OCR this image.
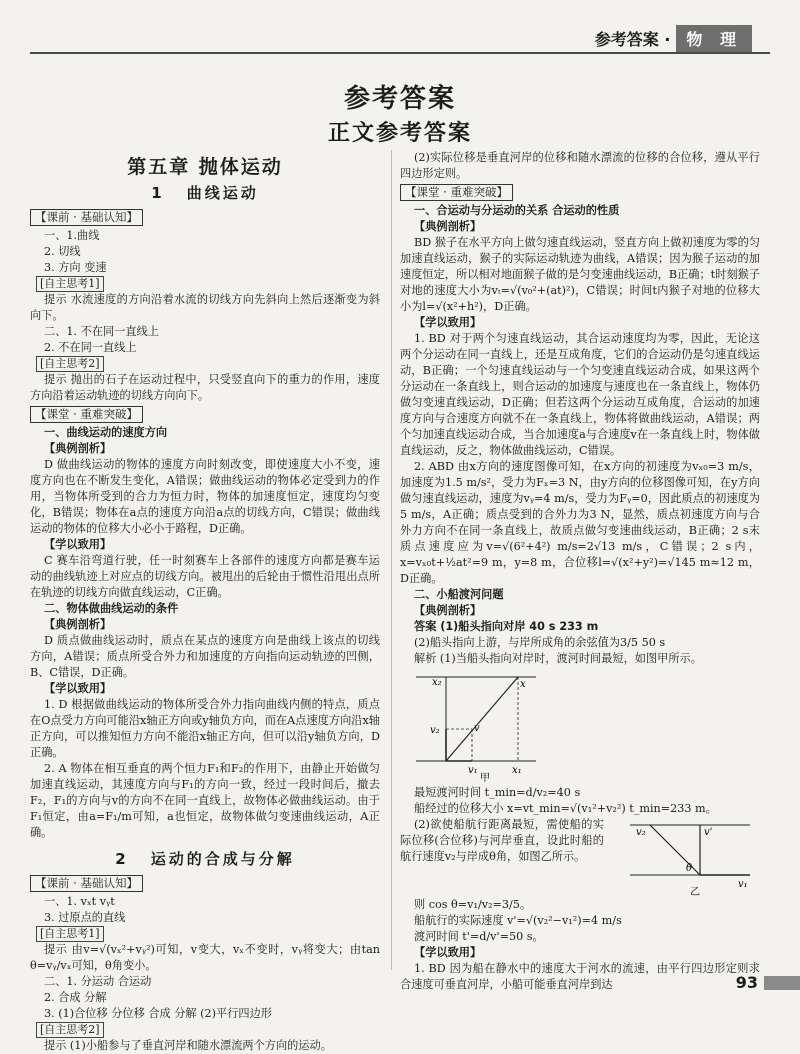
参考答案 ·	物 理
参考答案
正文参考答案
第五章 抛体运动
1 曲线运动
【课前 · 基础认知】
一、1.曲线
2. 切线
3. 方向 变速
[自主思考1]
提示 水流速度的方向沿着水流的切线方向先斜向上然后逐渐变为斜向下。
二、1. 不在同一直线上
2. 不在同一直线上
[自主思考2]
提示 抛出的石子在运动过程中，只受竖直向下的重力的作用，速度方向沿着运动轨迹的切线方向向下。
【课堂 · 重难突破】
一、曲线运动的速度方向
【典例剖析】
D 做曲线运动的物体的速度方向时刻改变，即使速度大小不变，速度方向也在不断发生变化，A错误；做曲线运动的物体必定受到力的作用，当物体所受到的合力为恒力时，物体的加速度恒定，速度均匀变化，B错误；物体在a点的速度方向沿a点的切线方向，C错误；做曲线运动的物体的位移大小必小于路程，D正确。
【学以致用】
C 赛车沿弯道行驶，任一时刻赛车上各部件的速度方向都是赛车运动的曲线轨迹上对应点的切线方向。被甩出的后轮由于惯性沿甩出点所在轨迹的切线方向做直线运动，C正确。
二、物体做曲线运动的条件
【典例剖析】
D 质点做曲线运动时，质点在某点的速度方向是曲线上该点的切线方向，A错误；质点所受合外力和加速度的方向指向运动轨迹的凹侧，B、C错误，D正确。
【学以致用】
1. D 根据做曲线运动的物体所受合外力指向曲线内侧的特点，质点在O点受力方向可能沿x轴正方向或y轴负方向，而在A点速度方向沿x轴正方向，可以推知恒力方向不能沿x轴正方向，但可以沿y轴负方向，D正确。
2. A 物体在相互垂直的两个恒力F₁和F₂的作用下，由静止开始做匀加速直线运动，其速度方向与F₁的方向一致，经过一段时间后，撤去F₂，F₁的方向与v的方向不在同一直线上，故物体必做曲线运动。由于F₁恒定，由a=F₁/m可知，a也恒定，故物体做匀变速曲线运动，A正确。
2 运动的合成与分解
【课前 · 基础认知】
一、1. vₓt vᵧt
3. 过原点的直线
[自主思考1]
提示 由v=√(vₓ²+vᵧ²)可知，v变大，vₓ不变时，vᵧ将变大；由tan θ=vᵧ/vₓ可知，θ角变小。
二、1. 分运动 合运动
2. 合成 分解
3. (1)合位移 分位移 合成 分解 (2)平行四边形
[自主思考2]
提示 (1)小船参与了垂直河岸和随水漂流两个方向的运动。
(2)实际位移是垂直河岸的位移和随水漂流的位移的合位移，遵从平行四边形定则。
【课堂 · 重难突破】
一、合运动与分运动的关系 合运动的性质
【典例剖析】
BD 猴子在水平方向上做匀速直线运动，竖直方向上做初速度为零的匀加速直线运动，猴子的实际运动轨迹为曲线，A错误；因为猴子运动的加速度恒定，所以相对地面猴子做的是匀变速曲线运动，B正确；t时刻猴子对地的速度大小为vₜ=√(v₀²+(at)²)，C错误；时间t内猴子对地的位移大小为l=√(x²+h²)，D正确。
【学以致用】
1. BD 对于两个匀速直线运动，其合运动速度均为零，因此，无论这两个分运动在同一直线上，还是互成角度，它们的合运动仍是匀速直线运动，B正确；一个匀速直线运动与一个匀变速直线运动合成，如果这两个分运动在一条直线上，则合运动的加速度与速度也在一条直线上，物体仍做匀变速直线运动，D正确；但若这两个分运动互成角度，合运动的加速度方向与合速度方向就不在一条直线上，物体将做曲线运动，A错误；两个匀加速直线运动合成，当合加速度a与合速度v在一条直线上时，物体做直线运动，反之，物体做曲线运动，C错误。
2. ABD 由x方向的速度图像可知，在x方向的初速度为vₓ₀=3 m/s，加速度为1.5 m/s²，受力为Fₓ=3 N，由y方向的位移图像可知，在y方向做匀速直线运动，速度为vᵧ=4 m/s，受力为Fᵧ=0，因此质点的初速度为5 m/s，A正确；质点受到的合外力为3 N，显然，质点初速度方向与合外力方向不在同一条直线上，故质点做匀变速曲线运动，B正确；2 s末质点速度应为v=√(6²+4²) m/s=2√13 m/s，C错误；2 s内，x=vₓ₀t+½at²=9 m，y=8 m，合位移l=√(x²+y²)=√145 m≈12 m，D正确。
二、小船渡河问题
【典例剖析】
答案 (1)船头指向对岸 40 s 233 m
(2)船头指向上游，与岸所成角的余弦值为3/5 50 s
解析 (1)当船头指向对岸时，渡河时间最短，如图甲所示。
x
x₂
v₂	v
v₁	x₁
甲
最短渡河时间 t_min=d/v₂=40 s
船经过的位移大小 x=vt_min=√(v₁²+v₂²) t_min=233 m。
(2)欲使船航行距离最短，需使船的实际位移(合位移)与河岸垂直，设此时船的航行速度v₂与岸成θ角，如图乙所示。
v₂	v'
θ
v₁
乙
则 cos θ=v₁/v₂=3/5。
船航行的实际速度 v'=√(v₂²−v₁²)=4 m/s
渡河时间 t'=d/v'=50 s。
【学以致用】
1. BD 因为船在静水中的速度大于河水的流速，由平行四边形定则求合速度可垂直河岸，小船可能垂直河岸到达	93
